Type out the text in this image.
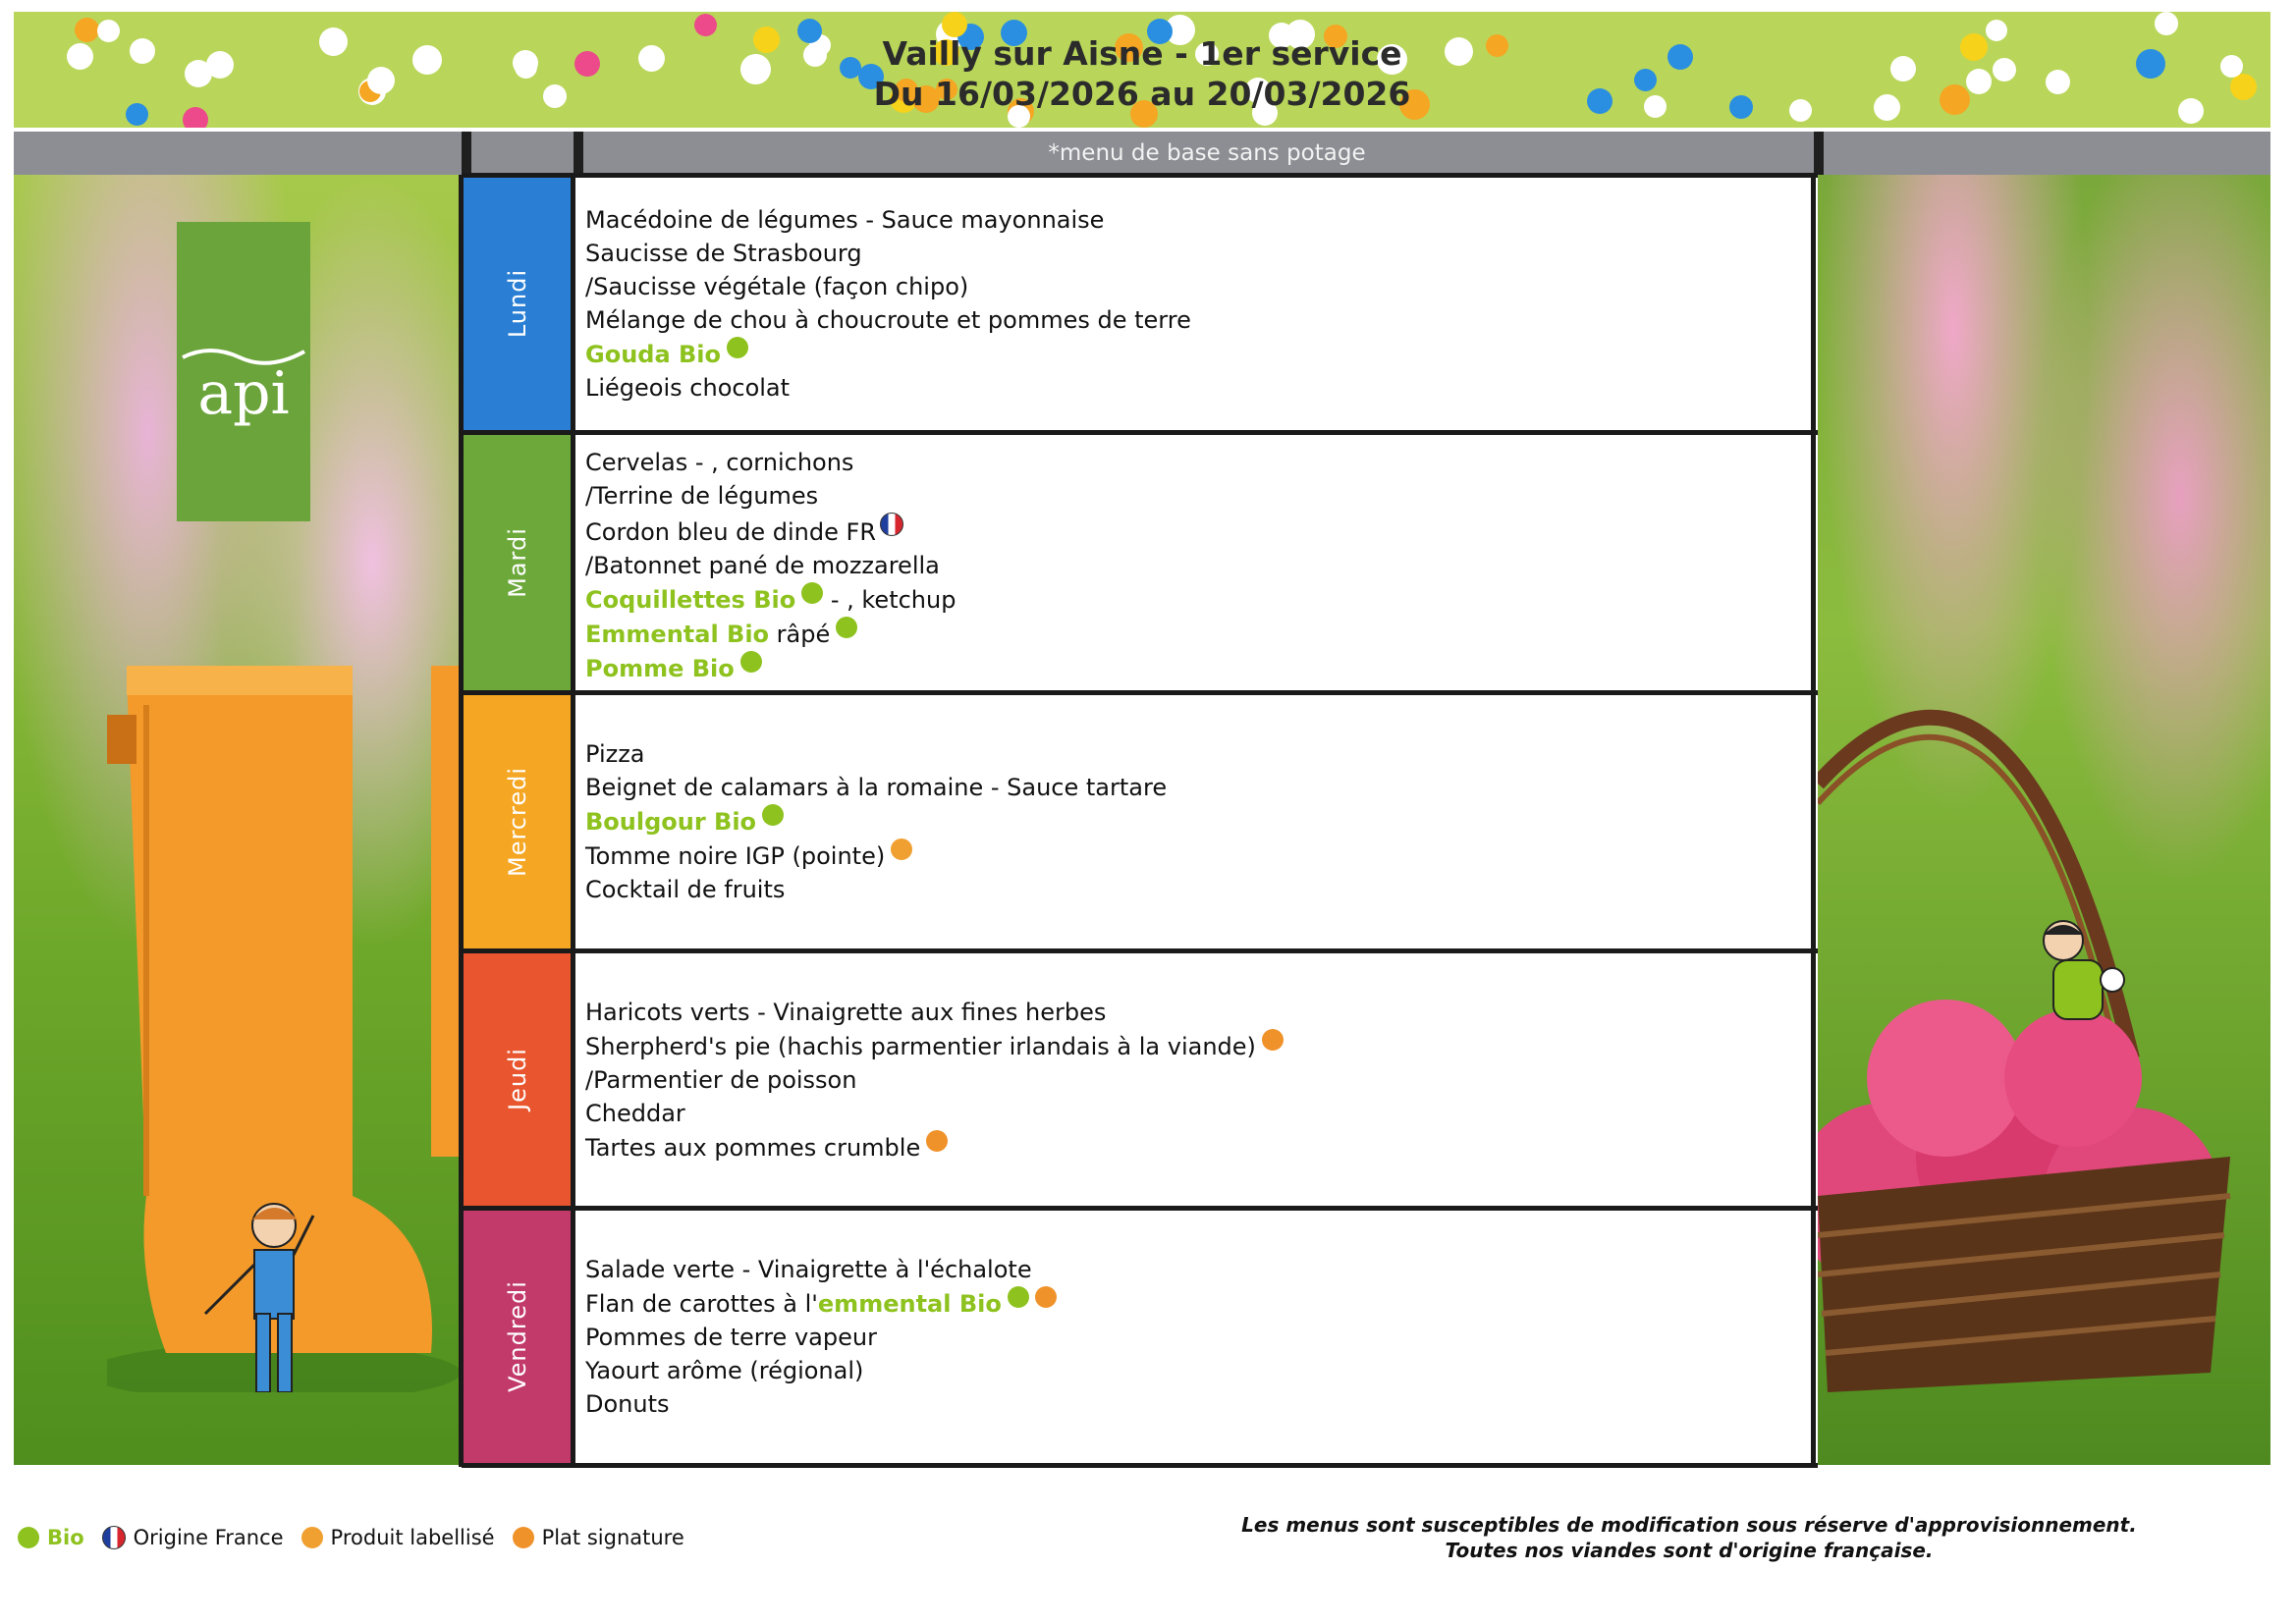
Vailly sur Aisne - 1er service
Du 16/03/2026 au 20/03/2026
*menu de base sans potage
api
Lundi
Macédoine de légumes - Sauce mayonnaise
Saucisse de Strasbourg
/Saucisse végétale (façon chipo)
Mélange de chou à choucroute et pommes de terre
Gouda Bio
Liégeois chocolat
Mardi
Cervelas - , cornichons
/Terrine de légumes
Cordon bleu de dinde FR
/Batonnet pané de mozzarella
Coquillettes Bio - , ketchup
Emmental Bio râpé
Pomme Bio
Mercredi
Pizza
Beignet de calamars à la romaine - Sauce tartare
Boulgour Bio
Tomme noire IGP (pointe)
Cocktail de fruits
Jeudi
Haricots verts - Vinaigrette aux fines herbes
Sherpherd's pie (hachis parmentier irlandais à la viande)
/Parmentier de poisson
Cheddar
Tartes aux pommes crumble
Vendredi
Salade verte - Vinaigrette à l'échalote
Flan de carottes à l'emmental Bio
Pommes de terre vapeur
Yaourt arôme (régional)
Donuts
Bio Origine France Produit labellisé Plat signature
Les menus sont susceptibles de modification sous réserve d'approvisionnement.
Toutes nos viandes sont d'origine française.
